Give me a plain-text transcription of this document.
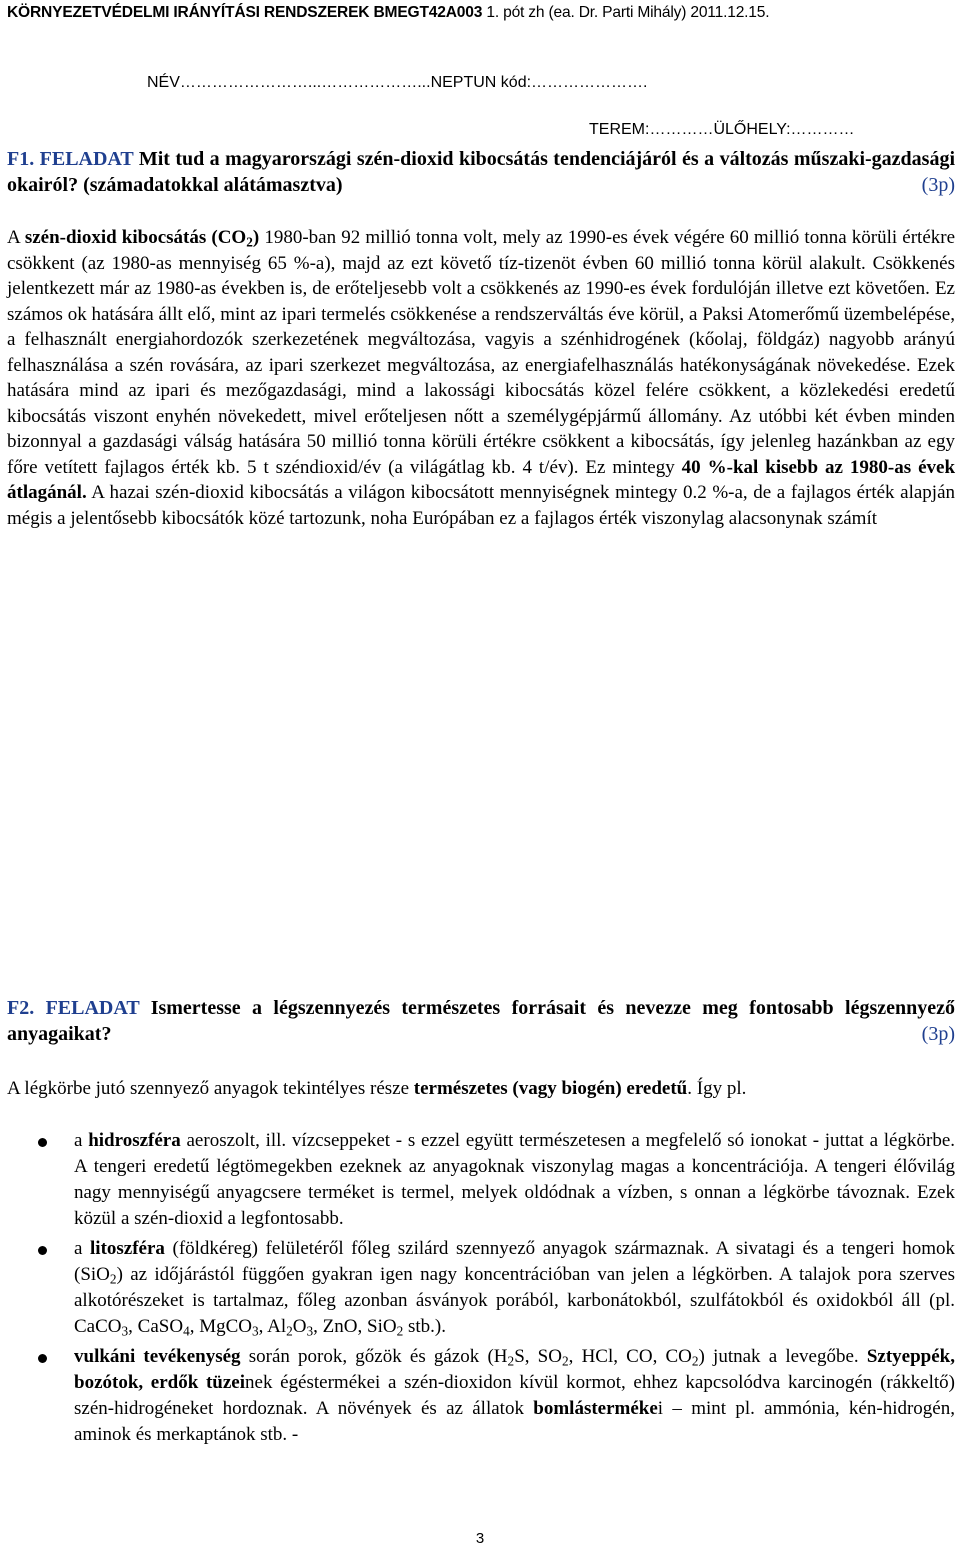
KÖRNYEZETVÉDELMI IRÁNYÍTÁSI RENDSZEREK BMEGT42A003 1. pót zh (ea. Dr. Parti Mihály) 2011.12.15.
NÉV……………………...………………...NEPTUN kód:………………….
TEREM:…………ÜLŐHELY:…………
F1. FELADAT Mit tud a magyarországi szén-dioxid kibocsátás tendenciájáról és a változás műszaki-gazdasági okairól? (számadatokkal alátámasztva)	(3p)

A szén-dioxid kibocsátás $(CO_2)$ 1980-ban 92 millió tonna volt, mely az 1990-es évek végére 60 millió tonna körüli értékre csökkent (az 1980-as mennyiség 65 %-a), majd az ezt követő tíz-tizenöt évben 60 millió tonna körül alakult. Csökkenés jelentkezett már az 1980-as években is, de erőteljesebb volt a csökkenés az 1990-es évek fordulóján illetve ezt követően. Ez számos ok hatására állt elő, mint az ipari termelés csökkenése a rendszerváltás éve körül, a Paksi Atomerőmű üzembelépése, a felhasznált energiahordozók szerkezetének megváltozása, vagyis a szénhidrogének (kőolaj, földgáz) nagyobb arányú felhasználása a szén rovására, az ipari szerkezet megváltozása, az energiafelhasználás hatékonyságának növekedése. Ezek hatására mind az ipari és mezőgazdasági, mind a lakossági kibocsátás közel felére csökkent, a közlekedési eredetű kibocsátás viszont enyhén növekedett, mivel erőteljesen nőtt a személygépjármű állomány. Az utóbbi két évben minden bizonnyal a gazdasági válság hatására 50 millió tonna körüli értékre csökkent a kibocsátás, így jelenleg hazánkban az egy főre vetített fajlagos érték kb. 5 t széndioxid/év (a világátlag kb. 4 t/év). Ez mintegy 40 %-kal kisebb az 1980-as évek átlagánál. A hazai szén-dioxid kibocsátás a világon kibocsátott mennyiségnek mintegy 0.2 %-a, de a fajlagos érték alapján mégis a jelentősebb kibocsátók közé tartozunk, noha Európában ez a fajlagos érték viszonylag alacsonynak számít

F2. FELADAT Ismertesse a légszennyezés természetes forrásait és nevezze meg fontosabb légszennyező anyagaikat?	(3p)

A légkörbe jutó szennyező anyagok tekintélyes része természetes (vagy biogén) eredetű. Így pl.

a hidroszféra aeroszolt, ill. vízcseppeket - s ezzel együtt természetesen a megfelelő só ionokat - juttat a légkörbe. A tengeri eredetű légtömegekben ezeknek az anyagoknak viszonylag magas a koncentrációja. A tengeri élővilág nagy mennyiségű anyagcsere terméket is termel, melyek oldódnak a vízben, s onnan a légkörbe távoznak. Ezek közül a szén-dioxid a legfontosabb.
a litoszféra (földkéreg) felületéről főleg szilárd szennyező anyagok származnak. A sivatagi és a tengeri homok (SiO$_2$) az időjárástól függően gyakran igen nagy koncentrációban van jelen a légkörben. A talajok pora szerves alkotórészeket is tartalmaz, főleg azonban ásványok porából, karbonátokból, szulfátokból és oxidokból áll (pl. CaCO$_3$, CaSO$_4$, MgCO$_3$, $Al_2O_3$, ZnO, SiO$_2$ stb.).
vulkáni tevékenység során porok, gőzök és gázok ($H_2S$, $SO_2$, HCl, CO, $CO_2$) jutnak a levegőbe. Sztyeppék, bozótok, erdők tüzeinek égéstermékei a szén-dioxidon kívül kormot, ehhez kapcsolódva karcinogén (rákkeltő) szén-hidrogéneket hordoznak. A növények és az állatok bomlástermékei – mint pl. ammónia, kén-hidrogén, aminok és merkaptánok stb. -
3
